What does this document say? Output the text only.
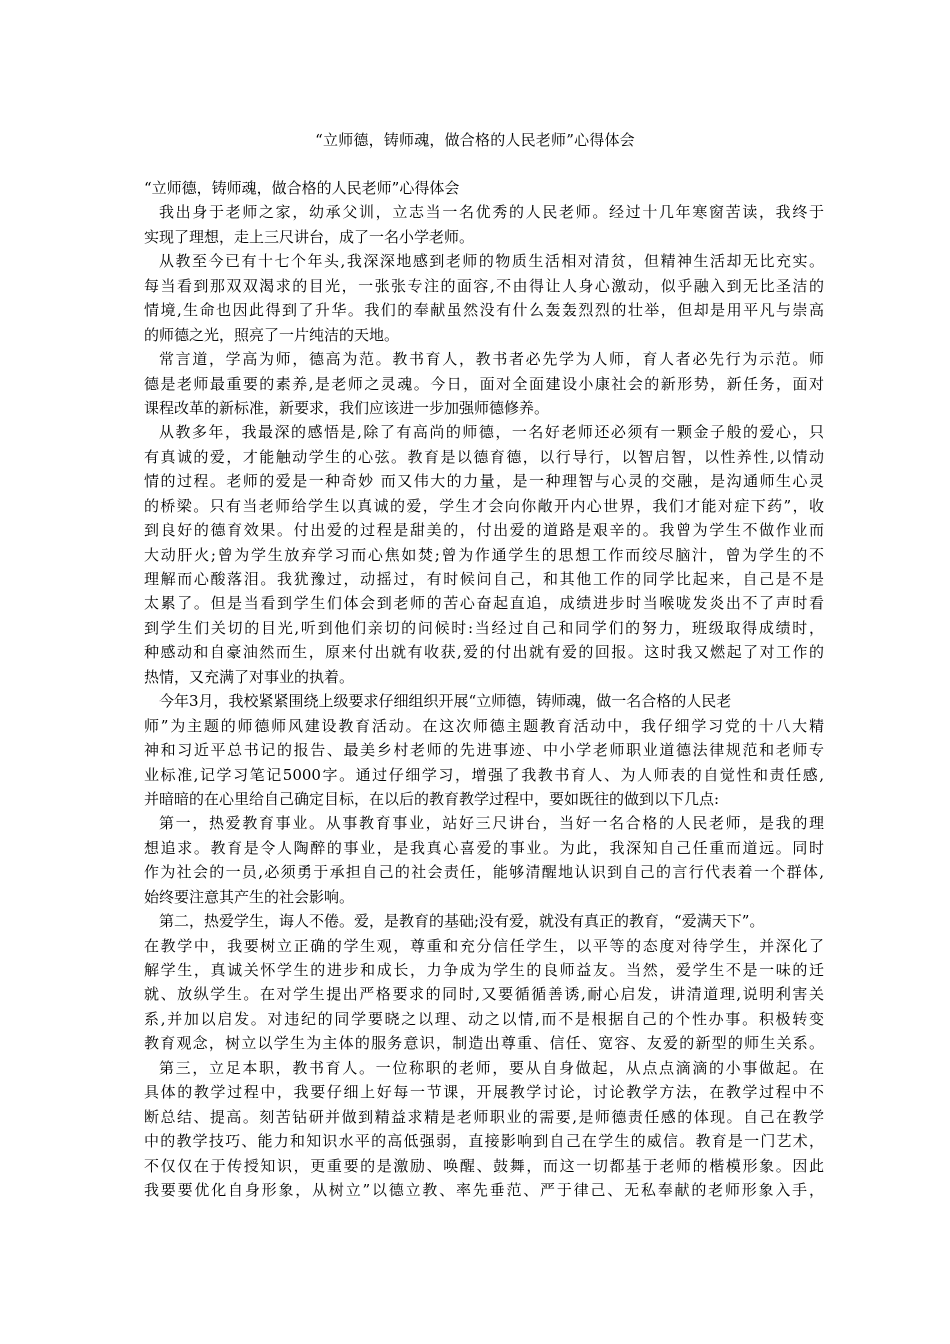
“立师德，铸师魂，做合格的人民老师”心得体会
“立师德，铸师魂，做合格的人民老师”心得体会
我出身于老师之家，幼承父训，立志当一名优秀的人民老师。经过十几年寒窗苦读，我终于
实现了理想，走上三尺讲台，成了一名小学老师。
从教至今已有十七个年头,我深深地感到老师的物质生活相对清贫，但精神生活却无比充实。
每当看到那双双渴求的目光，一张张专注的面容,不由得让人身心激动，似乎融入到无比圣洁的
情境,生命也因此得到了升华。我们的奉献虽然没有什么轰轰烈烈的壮举，但却是用平凡与崇高
的师德之光，照亮了一片纯洁的天地。
常言道，学高为师，德高为范。教书育人，教书者必先学为人师，育人者必先行为示范。师
德是老师最重要的素养,是老师之灵魂。今日，面对全面建设小康社会的新形势，新任务，面对
课程改革的新标准，新要求，我们应该进一步加强师德修养。
从教多年，我最深的感悟是,除了有高尚的师德，一名好老师还必须有一颗金子般的爱心，只
有真诚的爱，才能触动学生的心弦。教育是以德育德，以行导行，以智启智，以性养性,以情动
情的过程。老师的爱是一种奇妙 而又伟大的力量，是一种理智与心灵的交融，是沟通师生心灵
的桥梁。只有当老师给学生以真诚的爱，学生才会向你敞开内心世界，我们才能对症下药”，收
到良好的德育效果。付出爱的过程是甜美的，付出爱的道路是艰辛的。我曾为学生不做作业而
大动肝火;曾为学生放弃学习而心焦如焚;曾为作通学生的思想工作而绞尽脑汁，曾为学生的不
理解而心酸落泪。我犹豫过，动摇过，有时候问自己，和其他工作的同学比起来，自己是不是
太累了。但是当看到学生们体会到老师的苦心奋起直追，成绩进步时当喉咙发炎出不了声时看
到学生们关切的目光,听到他们亲切的问候时:当经过自己和同学们的努力，班级取得成绩时，
种感动和自豪油然而生，原来付出就有收获,爱的付出就有爱的回报。这时我又燃起了对工作的
热情，又充满了对事业的执着。
今年3月，我校紧紧围绕上级要求仔细组织开展“立师德，铸师魂，做一名合格的人民老
师”为主题的师德师风建设教育活动。在这次师德主题教育活动中，我仔细学习党的十八大精
神和习近平总书记的报告、最美乡村老师的先进事迹、中小学老师职业道德法律规范和老师专
业标准,记学习笔记5000字。通过仔细学习，增强了我教书育人、为人师表的自觉性和责任感,
并暗暗的在心里给自己确定目标，在以后的教育教学过程中，要如既往的做到以下几点:
第一，热爱教育事业。从事教育事业，站好三尺讲台，当好一名合格的人民老师，是我的理
想追求。教育是令人陶醉的事业，是我真心喜爱的事业。为此，我深知自己任重而道远。同时
作为社会的一员,必须勇于承担自己的社会责任，能够清醒地认识到自己的言行代表着一个群体,
始终要注意其产生的社会影响。
第二，热爱学生，诲人不倦。爱，是教育的基础;没有爱，就没有真正的教育，“爱满天下”。
在教学中，我要树立正确的学生观，尊重和充分信任学生，以平等的态度对待学生，并深化了
解学生，真诚关怀学生的进步和成长，力争成为学生的良师益友。当然，爱学生不是一味的迁
就、放纵学生。在对学生提出严格要求的同时,又要循循善诱,耐心启发，讲清道理,说明利害关
系,并加以启发。对违纪的同学要晓之以理、动之以情,而不是根据自己的个性办事。积极转变
教育观念，树立以学生为主体的服务意识，制造出尊重、信任、宽容、友爱的新型的师生关系。
第三，立足本职，教书育人。一位称职的老师，要从自身做起，从点点滴滴的小事做起。在
具体的教学过程中，我要仔细上好每一节课，开展教学讨论，讨论教学方法，在教学过程中不
断总结、提高。刻苦钻研并做到精益求精是老师职业的需要,是师德责任感的体现。自己在教学
中的教学技巧、能力和知识水平的高低强弱，直接影响到自己在学生的威信。教育是一门艺术，
不仅仅在于传授知识，更重要的是激励、唤醒、鼓舞，而这一切都基于老师的楷模形象。因此
我要要优化自身形象，从树立”以德立教、率先垂范、严于律己、无私奉献的老师形象入手，
